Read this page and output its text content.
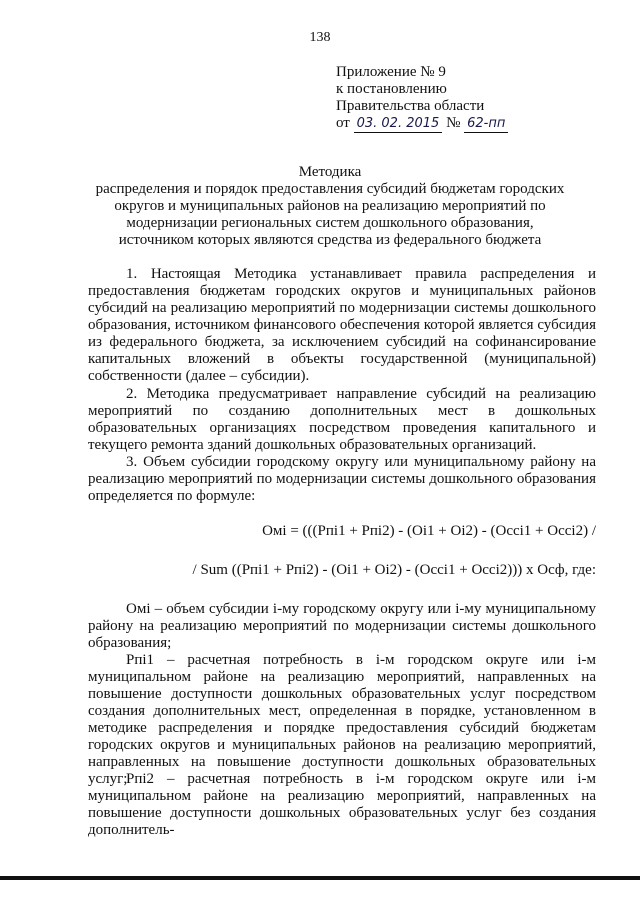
138
Приложение № 9
к постановлению
Правительства области
от 03. 02. 2015 № 62-пп
Методика
распределения и порядок предоставления субсидий бюджетам городских
округов и муниципальных районов на реализацию мероприятий по
модернизации региональных систем дошкольного образования,
источником которых являются средства из федерального бюджета
1. Настоящая Методика устанавливает правила распределения и предоставления бюджетам городских округов и муниципальных районов субсидий на реализацию мероприятий по модернизации системы дошкольного образования, источником финансового обеспечения которой является субсидия из федерального бюджета, за исключением субсидий на софинансирование капитальных вложений в объекты государственной (муниципальной) собственности (далее – субсидии).
2. Методика предусматривает направление субсидий на реализацию мероприятий по созданию дополнительных мест в дошкольных образовательных организациях посредством проведения капитального и текущего ремонта зданий дошкольных образовательных организаций.
3. Объем субсидии городскому округу или муниципальному району на реализацию мероприятий по модернизации системы дошкольного образования определяется по формуле:
Омi = (((Рпi1 + Рпi2) - (Оi1 + Оi2) - (Осci1 + Осci2) /
/ Sum ((Рпi1 + Рпi2) - (Оi1 + Оi2) - (Осci1 + Осci2))) x Осф, где:
Омi – объем субсидии i-му городскому округу или i-му муниципальному району на реализацию мероприятий по модернизации системы дошкольного образования;
Рпi1 – расчетная потребность в i-м городском округе или i-м муниципальном районе на реализацию мероприятий, направленных на повышение доступности дошкольных образовательных услуг посредством создания дополнительных мест, определенная в порядке, установленном в методике распределения и порядке предоставления субсидий бюджетам городских округов и муниципальных районов на реализацию мероприятий, направленных на повышение доступности дошкольных образовательных услуг;
Рпi2 – расчетная потребность в i-м городском округе или i-м муниципальном районе на реализацию мероприятий, направленных на повышение доступности дошкольных образовательных услуг без создания дополнитель-
